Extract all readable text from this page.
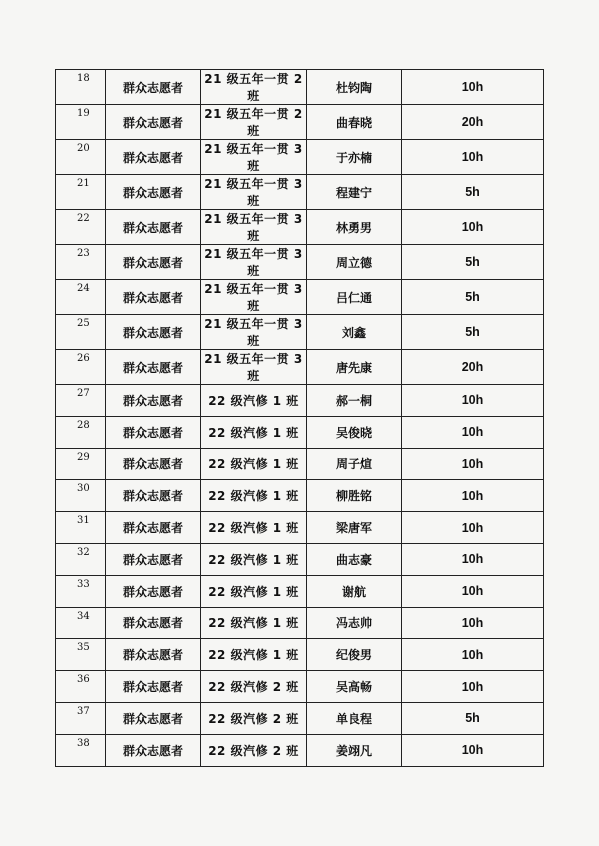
18	群众志愿者	21 级五年一贯 2 班	杜钧陶	10h
19	群众志愿者	21 级五年一贯 2 班	曲春晓	20h
20	群众志愿者	21 级五年一贯 3 班	于亦楠	10h
21	群众志愿者	21 级五年一贯 3 班	程建宁	5h
22	群众志愿者	21 级五年一贯 3 班	林勇男	10h
23	群众志愿者	21 级五年一贯 3 班	周立德	5h
24	群众志愿者	21 级五年一贯 3 班	吕仁通	5h
25	群众志愿者	21 级五年一贯 3 班	刘鑫	5h
26	群众志愿者	21 级五年一贯 3 班	唐先康	20h
27	群众志愿者	22 级汽修 1 班	郝一桐	10h
28	群众志愿者	22 级汽修 1 班	吴俊晓	10h
29	群众志愿者	22 级汽修 1 班	周子煊	10h
30	群众志愿者	22 级汽修 1 班	柳胜铭	10h
31	群众志愿者	22 级汽修 1 班	梁唐军	10h
32	群众志愿者	22 级汽修 1 班	曲志豪	10h
33	群众志愿者	22 级汽修 1 班	谢航	10h
34	群众志愿者	22 级汽修 1 班	冯志帅	10h
35	群众志愿者	22 级汽修 1 班	纪俊男	10h
36	群众志愿者	22 级汽修 2 班	吴高畅	10h
37	群众志愿者	22 级汽修 2 班	单良程	5h
38	群众志愿者	22 级汽修 2 班	姜翊凡	10h
